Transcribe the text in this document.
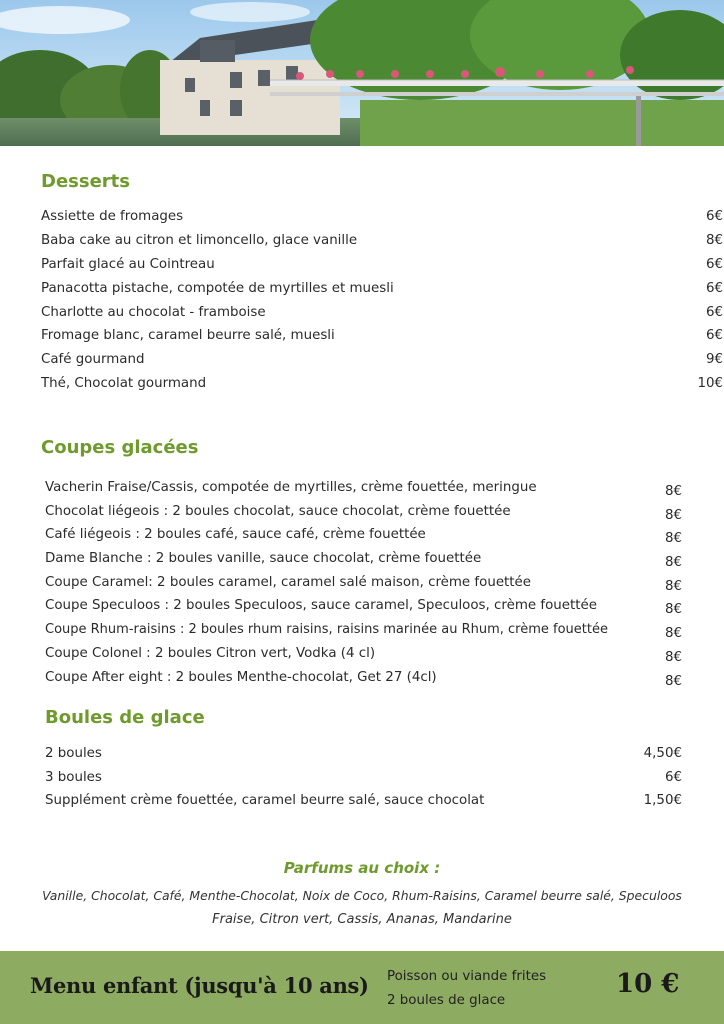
Desserts
Assiette de fromages	6€
Baba cake au citron et limoncello, glace vanille	8€
Parfait glacé au Cointreau	6€
Panacotta pistache, compotée de myrtilles et muesli	6€
Charlotte au chocolat - framboise	6€
Fromage blanc, caramel beurre salé, muesli	6€
Café gourmand	9€
Thé, Chocolat gourmand	10€
Coupes glacées
Vacherin Fraise/Cassis, compotée de myrtilles, crème fouettée, meringue	8€
Chocolat liégeois : 2 boules chocolat, sauce chocolat, crème fouettée	8€
Café liégeois : 2 boules café, sauce café, crème fouettée	8€
Dame Blanche : 2 boules vanille, sauce chocolat, crème fouettée	8€
Coupe Caramel: 2 boules caramel, caramel salé maison, crème fouettée	8€
Coupe Speculoos : 2 boules Speculoos, sauce caramel, Speculoos, crème fouettée	8€
Coupe Rhum-raisins : 2 boules rhum raisins, raisins marinée au Rhum, crème fouettée	8€
Coupe Colonel : 2 boules Citron vert, Vodka (4 cl)	8€
Coupe After eight : 2 boules Menthe-chocolat, Get 27 (4cl)	8€
Boules de glace
2 boules	4,50€
3 boules	6€
Supplément crème fouettée, caramel beurre salé, sauce chocolat	1,50€
Parfums au choix :
Vanille, Chocolat, Café, Menthe-Chocolat, Noix de Coco, Rhum-Raisins, Caramel beurre salé, Speculoos
Fraise, Citron vert, Cassis, Ananas, Mandarine
Menu enfant (jusqu'à 10 ans) Poisson ou viande frites
2 boules de glace
10 €
